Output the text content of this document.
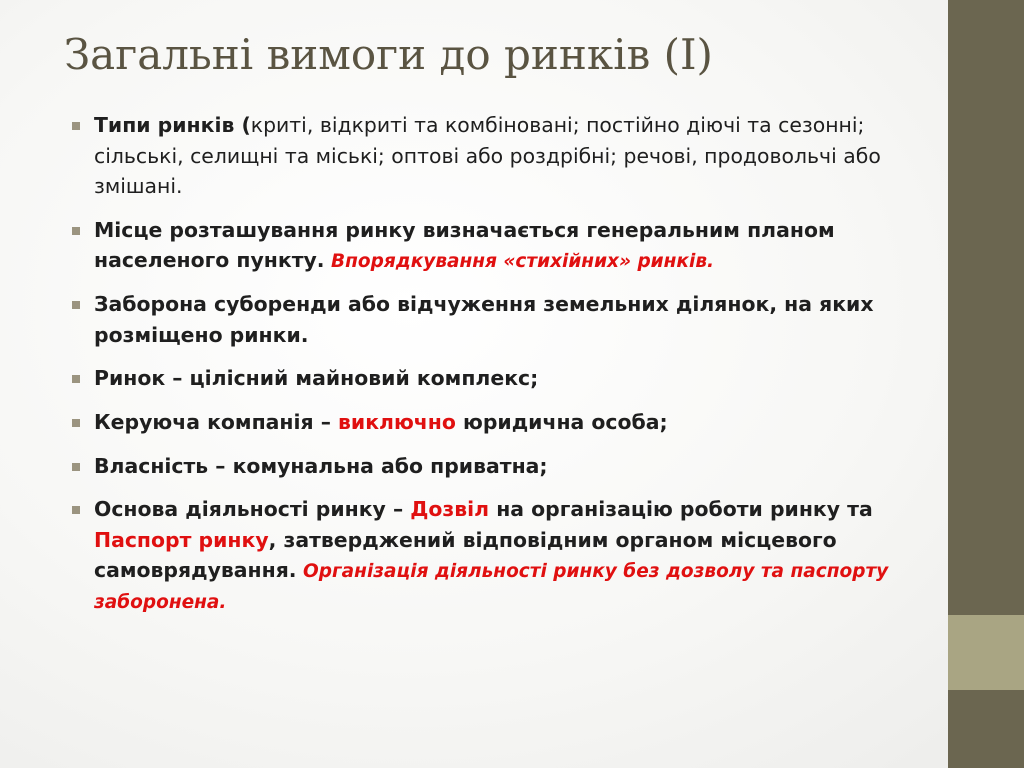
Загальні вимоги до ринків (І)
Типи ринків (криті, відкриті та комбіновані; постійно діючі та сезонні; сільські, селищні та міські; оптові або роздрібні; речові, продовольчі або змішані.
Місце розташування ринку визначається генеральним планом населеного пункту. Впорядкування «стихійних» ринків.
Заборона суборенди або відчуження земельних ділянок, на яких розміщено ринки.
Ринок – цілісний майновий комплекс;
Керуюча компанія – виключно юридична особа;
Власність – комунальна або приватна;
Основа діяльності ринку – Дозвіл на організацію роботи ринку та Паспорт ринку, затверджений відповідним органом місцевого самоврядування. Організація діяльності ринку без дозволу та паспорту заборонена.
